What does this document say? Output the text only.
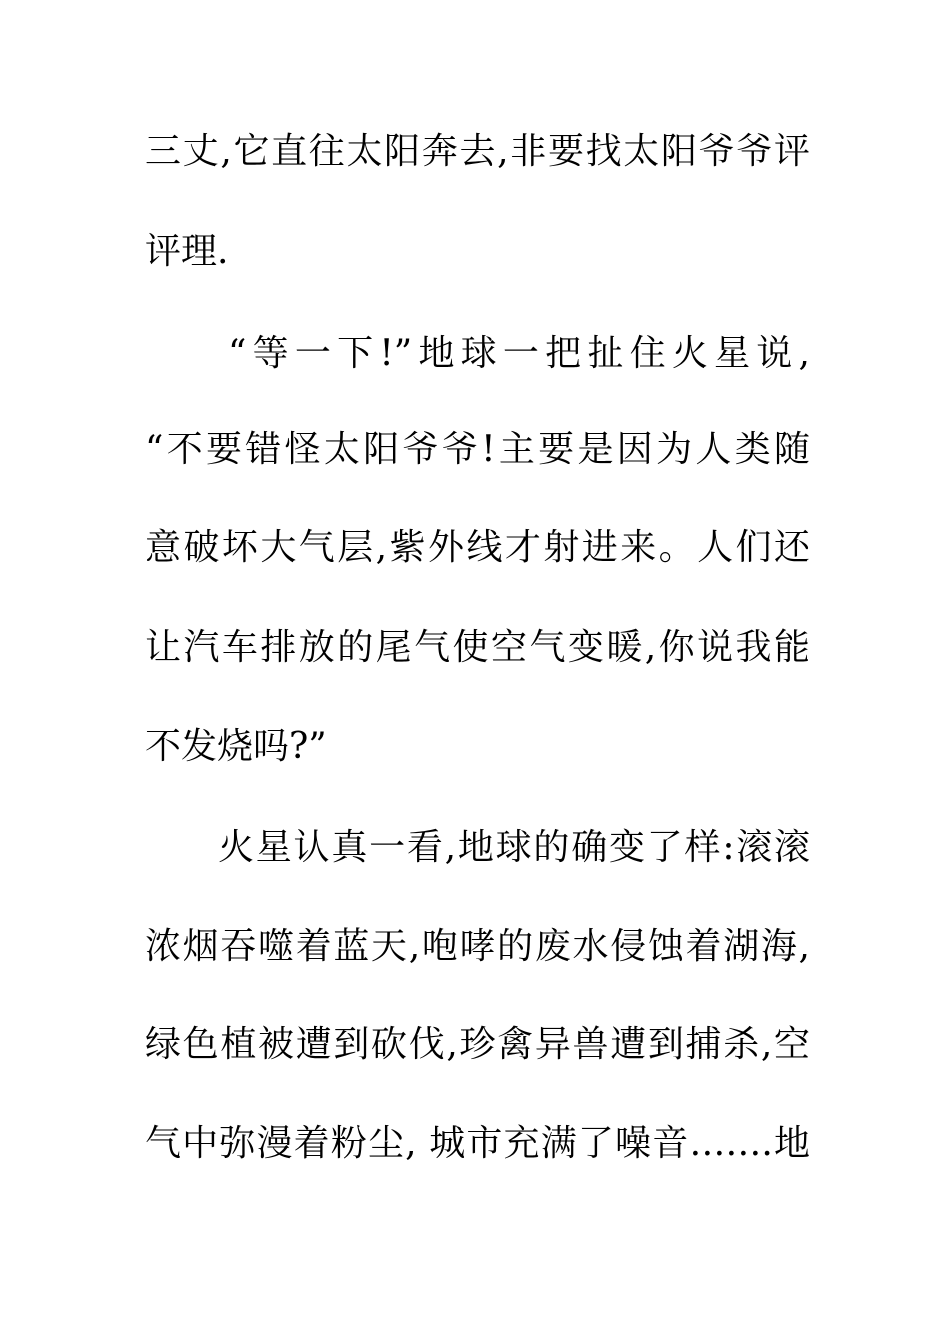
三丈,它直往太阳奔去,非要找太阳爷爷评
评理.
“等一下!”地球一把扯住火星说,
“不要错怪太阳爷爷!主要是因为人类随
意破坏大气层,紫外线才射进来。人们还
让汽车排放的尾气使空气变暖,你说我能
不发烧吗?”
火星认真一看,地球的确变了样:滚滚
浓烟吞噬着蓝天,咆哮的废水侵蚀着湖海,
绿色植被遭到砍伐,珍禽异兽遭到捕杀,空
气中弥漫着粉尘, 城市充满了噪音…….地
